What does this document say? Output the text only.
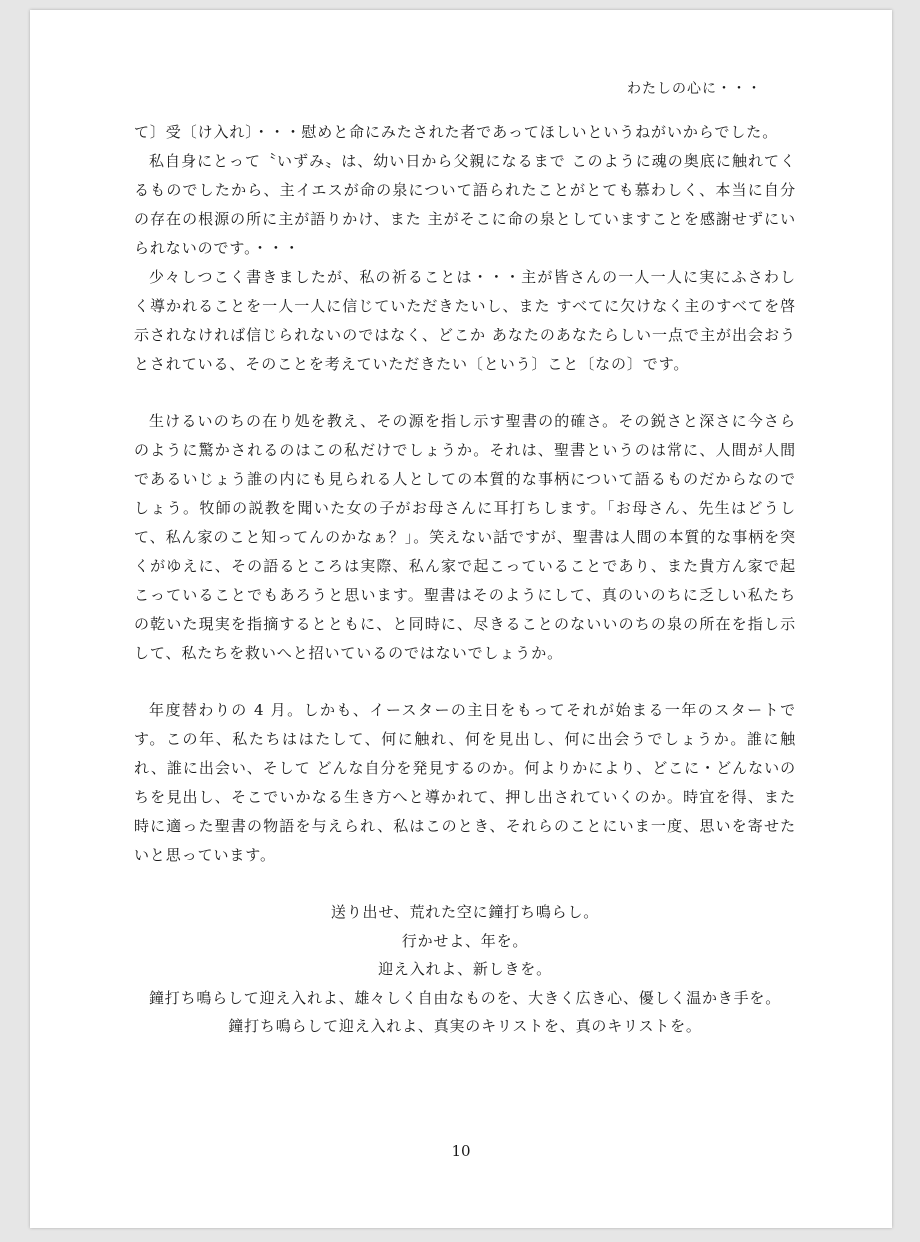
わたしの心に・・・

て〕受〔け入れ〕・・・慰めと命にみたされた者であってほしいというねがいからでした。

私自身にとって〝いずみ〟は、幼い日から父親になるまで このように魂の奥底に触れてくるものでしたから、主イエスが命の泉について語られたことがとても慕わしく、本当に自分の存在の根源の所に主が語りかけ、また 主がそこに命の泉としていますことを感謝せずにいられないのです。・・・

少々しつこく書きましたが、私の祈ることは・・・主が皆さんの一人一人に実にふさわしく導かれることを一人一人に信じていただきたいし、また すべてに欠けなく主のすべてを啓示されなければ信じられないのではなく、どこか あなたのあなたらしい一点で主が出会おうとされている、そのことを考えていただきたい〔という〕こと〔なの〕です。

生けるいのちの在り処を教え、その源を指し示す聖書の的確さ。その鋭さと深さに今さらのように驚かされるのはこの私だけでしょうか。それは、聖書というのは常に、人間が人間であるいじょう誰の内にも見られる人としての本質的な事柄について語るものだからなのでしょう。牧師の説教を聞いた女の子がお母さんに耳打ちします。「お母さん、先生はどうして、私ん家のこと知ってんのかなぁ？」。笑えない話ですが、聖書は人間の本質的な事柄を突くがゆえに、その語るところは実際、私ん家で起こっていることであり、また貴方ん家で起こっていることでもあろうと思います。聖書はそのようにして、真のいのちに乏しい私たちの乾いた現実を指摘するとともに、と同時に、尽きることのないいのちの泉の所在を指し示して、私たちを救いへと招いているのではないでしょうか。

年度替わりの 4 月。しかも、イースターの主日をもってそれが始まる一年のスタートです。この年、私たちははたして、何に触れ、何を見出し、何に出会うでしょうか。誰に触れ、誰に出会い、そして どんな自分を発見するのか。何よりかにより、どこに・どんないのちを見出し、そこでいかなる生き方へと導かれて、押し出されていくのか。時宜を得、また時に適った聖書の物語を与えられ、私はこのとき、それらのことにいま一度、思いを寄せたいと思っています。

送り出せ、荒れた空に鐘打ち鳴らし。
行かせよ、年を。
迎え入れよ、新しきを。
鐘打ち鳴らして迎え入れよ、雄々しく自由なものを、大きく広き心、優しく温かき手を。
鐘打ち鳴らして迎え入れよ、真実のキリストを、真のキリストを。
10
